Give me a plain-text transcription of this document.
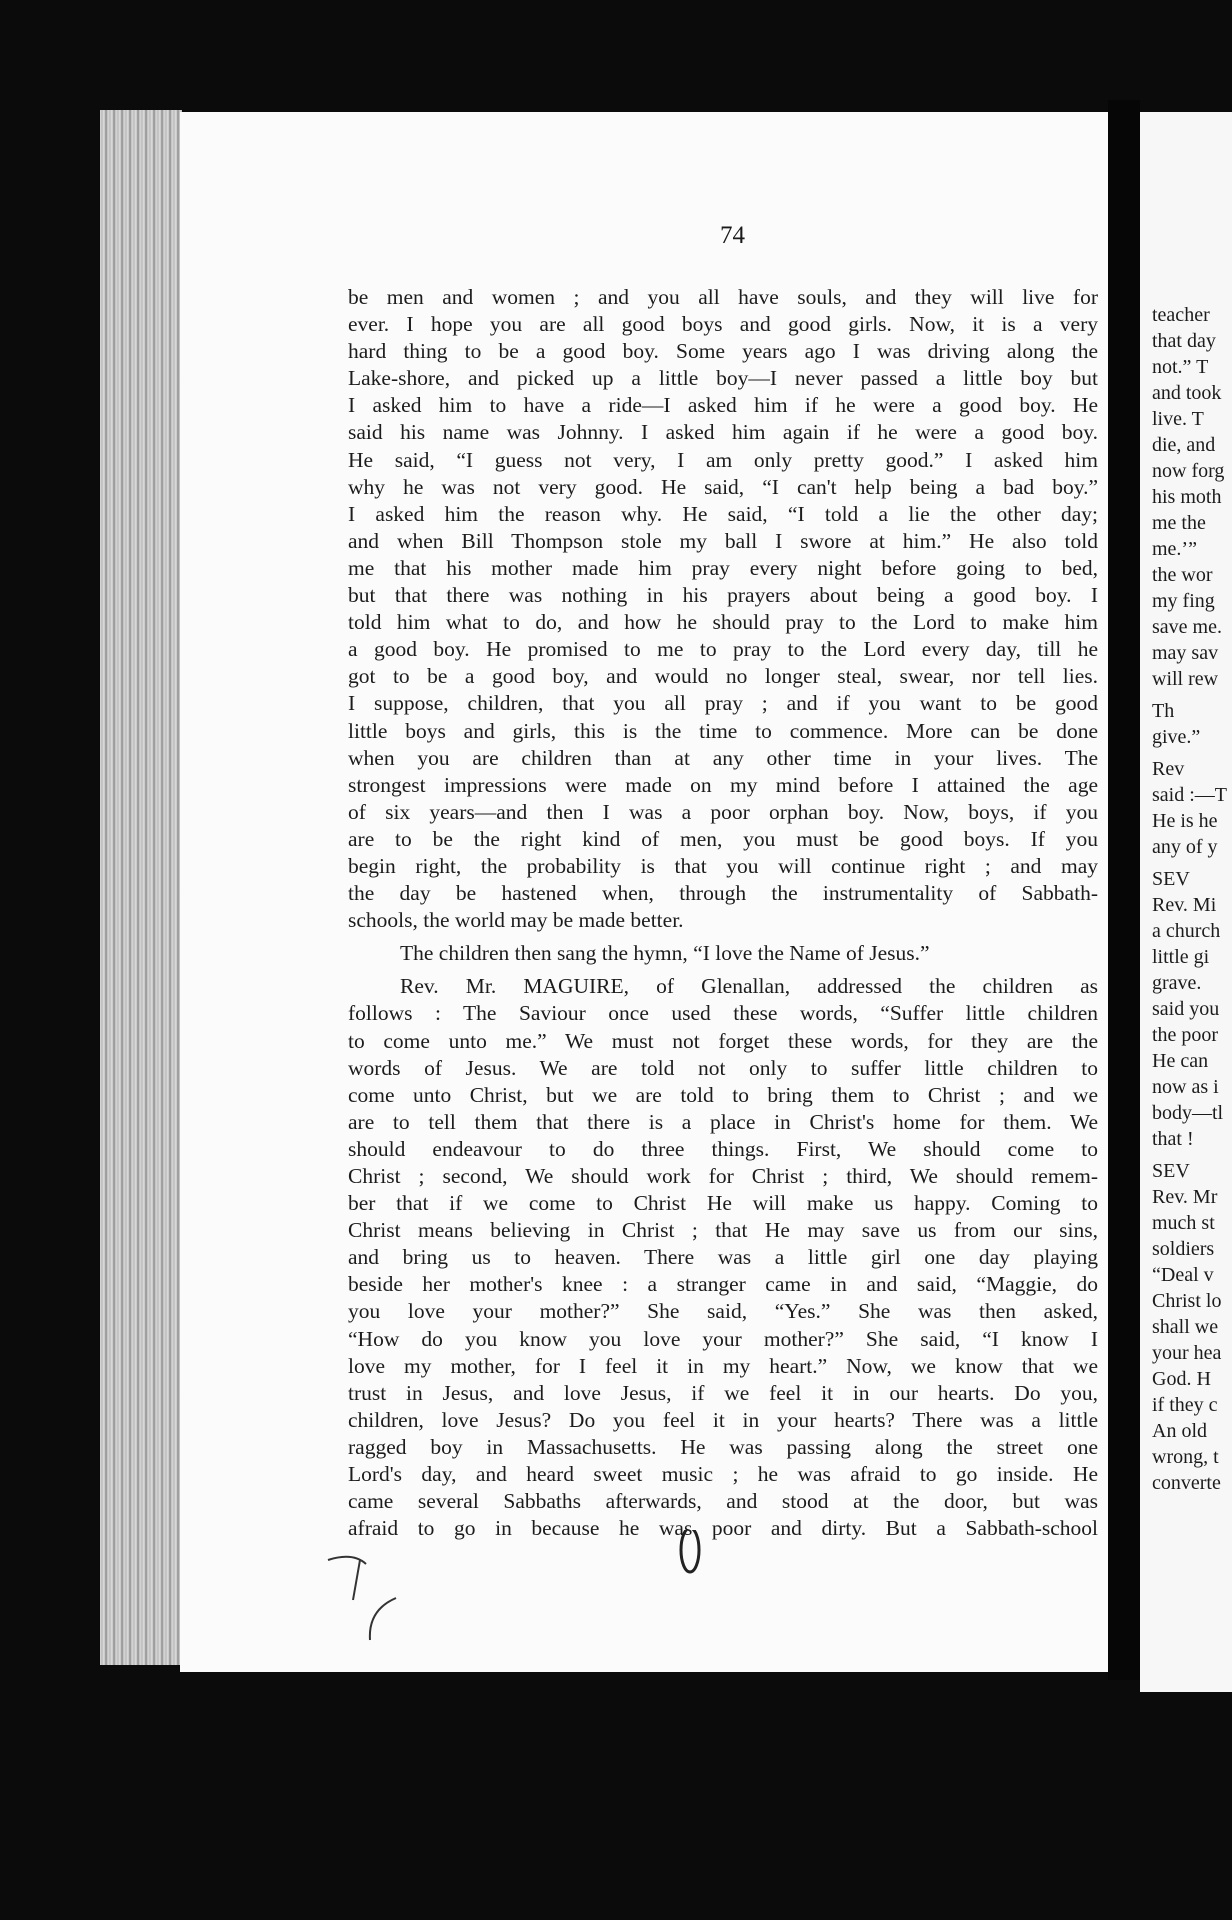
74
be men and women ; and you all have souls, and they will live for
ever. I hope you are all good boys and good girls. Now, it is a very
hard thing to be a good boy. Some years ago I was driving along the
Lake-shore, and picked up a little boy—I never passed a little boy but
I asked him to have a ride—I asked him if he were a good boy. He
said his name was Johnny. I asked him again if he were a good boy.
He said, “I guess not very, I am only pretty good.” I asked him
why he was not very good. He said, “I can't help being a bad boy.”
I asked him the reason why. He said, “I told a lie the other day;
and when Bill Thompson stole my ball I swore at him.” He also told
me that his mother made him pray every night before going to bed,
but that there was nothing in his prayers about being a good boy. I
told him what to do, and how he should pray to the Lord to make him
a good boy. He promised to me to pray to the Lord every day, till he
got to be a good boy, and would no longer steal, swear, nor tell lies.
I suppose, children, that you all pray ; and if you want to be good
little boys and girls, this is the time to commence. More can be done
when you are children than at any other time in your lives. The
strongest impressions were made on my mind before I attained the age
of six years—and then I was a poor orphan boy. Now, boys, if you
are to be the right kind of men, you must be good boys. If you
begin right, the probability is that you will continue right ; and may
the day be hastened when, through the instrumentality of Sabbath-
schools, the world may be made better.
The children then sang the hymn, “I love the Name of Jesus.”
Rev. Mr. MAGUIRE, of Glenallan, addressed the children as
follows : The Saviour once used these words, “Suffer little children
to come unto me.” We must not forget these words, for they are the
words of Jesus. We are told not only to suffer little children to
come unto Christ, but we are told to bring them to Christ ; and we
are to tell them that there is a place in Christ's home for them. We
should endeavour to do three things. First, We should come to
Christ ; second, We should work for Christ ; third, We should remem-
ber that if we come to Christ He will make us happy. Coming to
Christ means believing in Christ ; that He may save us from our sins,
and bring us to heaven. There was a little girl one day playing
beside her mother's knee : a stranger came in and said, “Maggie, do
you love your mother?” She said, “Yes.” She was then asked,
“How do you know you love your mother?” She said, “I know I
love my mother, for I feel it in my heart.” Now, we know that we
trust in Jesus, and love Jesus, if we feel it in our hearts. Do you,
children, love Jesus? Do you feel it in your hearts? There was a little
ragged boy in Massachusetts. He was passing along the street one
Lord's day, and heard sweet music ; he was afraid to go inside. He
came several Sabbaths afterwards, and stood at the door, but was
afraid to go in because he was poor and dirty. But a Sabbath-school
teacher
that day
not.” T
and took
live. T
die, and
now forg
his moth
me the
me.’”
the wor
my fing
save me.
may sav
will rew
Th
give.”
Rev
said :—T
He is he
any of y
SEV
Rev. Mi
a church
little gi
grave.
said you
the poor
He can
now as i
body—tl
that !
SEV
Rev. Mr
much st
soldiers
“Deal v
Christ lo
shall we
your hea
God. H
if they c
An old
wrong, t
converte
